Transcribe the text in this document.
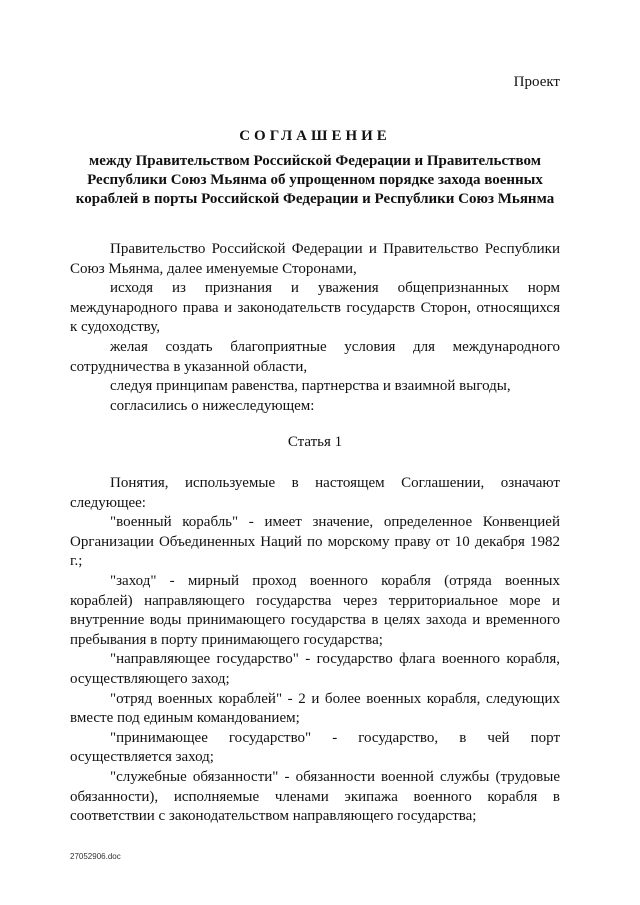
Проект
СОГЛАШЕНИЕ
между Правительством Российской Федерации и Правительством Республики Союз Мьянма об упрощенном порядке захода военных кораблей в порты Российской Федерации и Республики Союз Мьянма

Правительство Российской Федерации и Правительство Республики Союз Мьянма, далее именуемые Сторонами,

исходя из признания и уважения общепризнанных норм международного права и законодательств государств Сторон, относящихся к судоходству,

желая создать благоприятные условия для международного сотрудничества в указанной области,

следуя принципам равенства, партнерства и взаимной выгоды,

согласились о нижеследующем:

Статья 1

Понятия, используемые в настоящем Соглашении, означают следующее:

"военный корабль" - имеет значение, определенное Конвенцией Организации Объединенных Наций по морскому праву от 10 декабря 1982 г.;

"заход" - мирный проход военного корабля (отряда военных кораблей) направляющего государства через территориальное море и внутренние воды принимающего государства в целях захода и временного пребывания в порту принимающего государства;

"направляющее государство" - государство флага военного корабля, осуществляющего заход;

"отряд военных кораблей" - 2 и более военных корабля, следующих вместе под единым командованием;

"принимающее государство" - государство, в чей порт осуществляется заход;

"служебные обязанности" - обязанности военной службы (трудовые обязанности), исполняемые членами экипажа военного корабля в соответствии с законодательством направляющего государства;

27052906.doc
